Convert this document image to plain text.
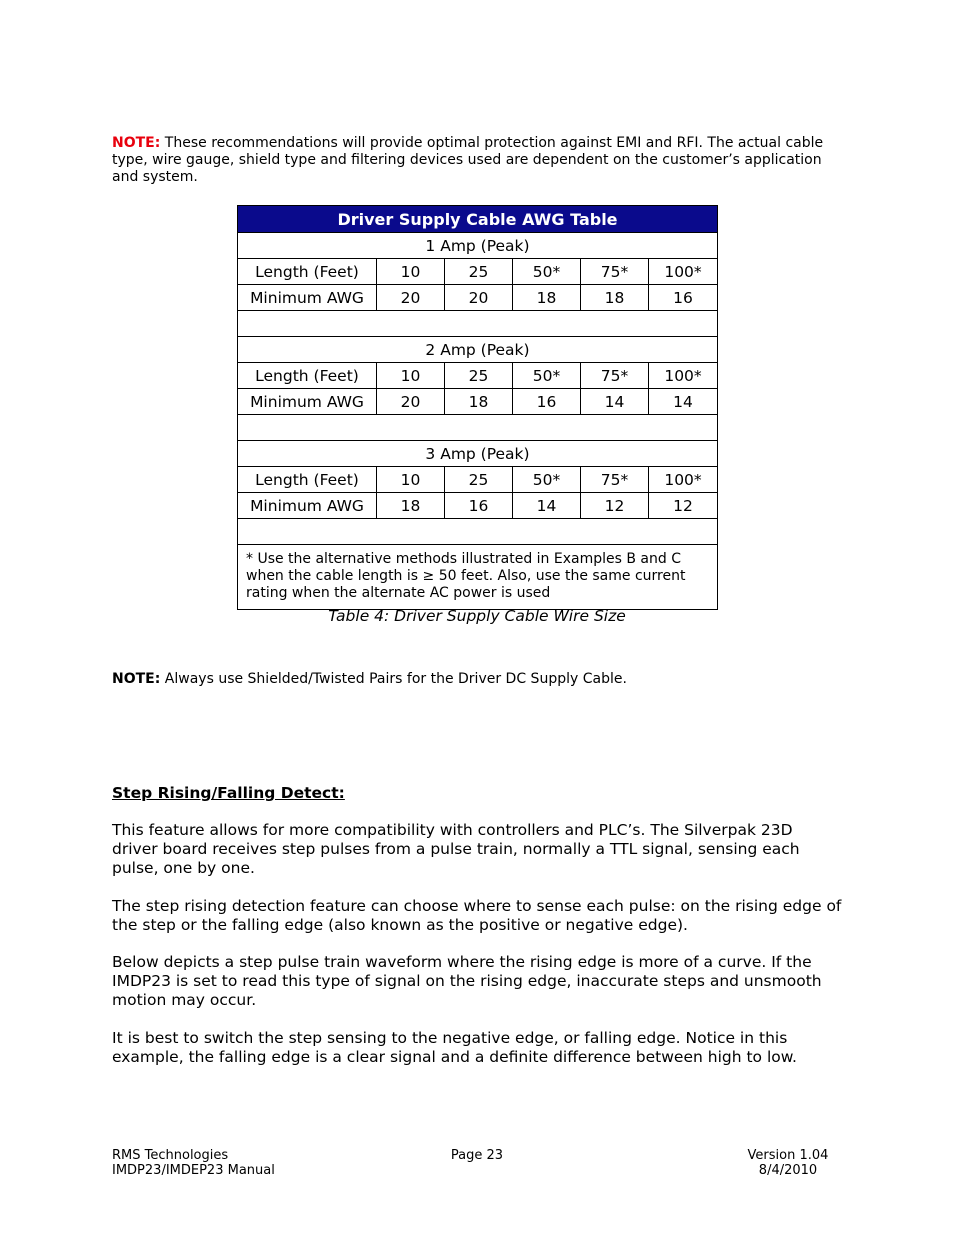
NOTE: These recommendations will provide optimal protection against EMI and RFI. The actual cable type, wire gauge, shield type and filtering devices used are dependent on the customer’s application and system.
Driver Supply Cable AWG Table					
1 Amp (Peak)					
Length (Feet)	10	25	50*	75*	100*
Minimum AWG	20	20	18	18	16

2 Amp (Peak)					
Length (Feet)	10	25	50*	75*	100*
Minimum AWG	20	18	16	14	14

3 Amp (Peak)					
Length (Feet)	10	25	50*	75*	100*
Minimum AWG	18	16	14	12	12

* Use the alternative methods illustrated in Examples B and C when the cable length is ≥ 50 feet. Also, use the same current rating when the alternate AC power is used					
Table 4: Driver Supply Cable Wire Size
NOTE: Always use Shielded/Twisted Pairs for the Driver DC Supply Cable.
Step Rising/Falling Detect:
This feature allows for more compatibility with controllers and PLC’s. The Silverpak 23D driver board receives step pulses from a pulse train, normally a TTL signal, sensing each pulse, one by one.
The step rising detection feature can choose where to sense each pulse: on the rising edge of the step or the falling edge (also known as the positive or negative edge).
Below depicts a step pulse train waveform where the rising edge is more of a curve. If the IMDP23 is set to read this type of signal on the rising edge, inaccurate steps and unsmooth motion may occur.
It is best to switch the step sensing to the negative edge, or falling edge. Notice in this example, the falling edge is a clear signal and a definite difference between high to low.
RMS Technologies
IMDP23/IMDEP23 Manual
Page 23	Version 1.04
8/4/2010
